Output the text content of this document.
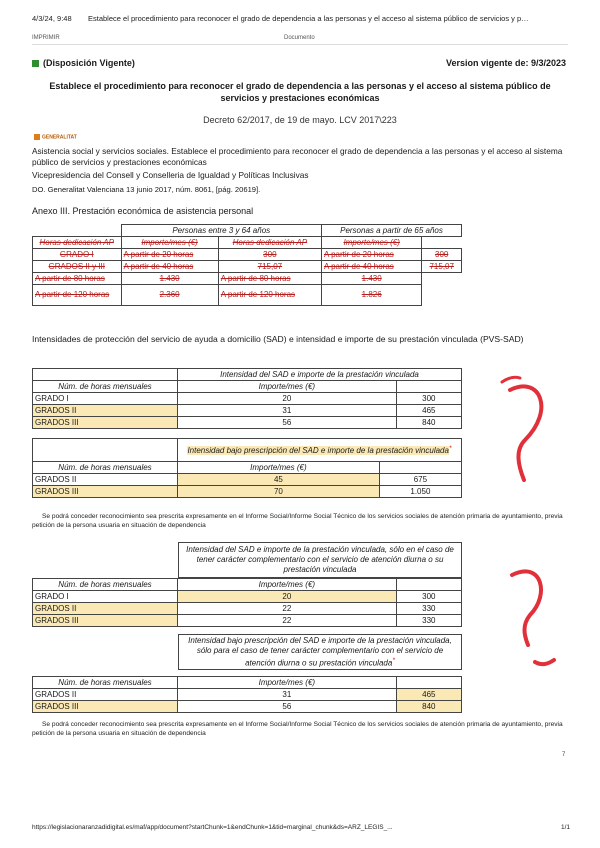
4/3/24, 9:48 Establece el procedimiento para reconocer el grado de dependencia a las personas y el acceso al sistema público de servicios y p…
IMPRIMIR	Documento
(Disposición Vigente)	Version vigente de: 9/3/2023
Establece el procedimiento para reconocer el grado de dependencia a las personas y el acceso al sistema público de servicios y prestaciones económicas
Decreto 62/2017, de 19 de mayo. LCV 2017\223
GENERALITAT
Asistencia social y servicios sociales. Establece el procedimiento para reconocer el grado de dependencia a las personas y el acceso al sistema público de servicios y prestaciones económicas
Vicepresidencia del Consell y Conselleria de Igualdad y Políticas Inclusivas
DO. Generalitat Valenciana 13 junio 2017, núm. 8061, [pág. 20619].
Anexo III. Prestación económica de asistencia personal
	Personas entre 3 y 64 años		Personas a partir de 65 años	
Horas dedicación AP	Importe/mes (€)	Horas dedicación AP	Importe/mes (€)	
GRADO I	A partir de 20 horas	300	A partir de 20 horas	300
GRADOS II y III	A partir de 40 horas	715,07	A partir de 40 horas	715,07
A partir de 80 horas	1.430	A partir de 80 horas	1.430	
A partir de 120 horas	2.360	A partir de 120 horas	1.826	
Intensidades de protección del servicio de ayuda a domicilio (SAD) e intensidad e importe de su prestación vinculada (PVS-SAD)
	Intensidad del SAD e importe de la prestación vinculada	
Núm. de horas mensuales	Importe/mes (€)	
GRADO I	20	300
GRADOS II	31	465
GRADOS III	56	840
	Intensidad bajo prescripción del SAD e importe de la prestación vinculada*
Núm. de horas mensuales	Importe/mes (€)	
GRADOS II	45	675
GRADOS III	70	1.050
Se podrá conceder reconocimiento sea prescrita expresamente en el Informe Social/Informe Social Técnico de los servicios sociales de atención primaria de ayuntamiento, previa petición de la persona usuaria en situación de dependencia
Intensidad del SAD e importe de la prestación vinculada, sólo en el caso de tener carácter complementario con el servicio de atención diurna o su prestación vinculada
Núm. de horas mensuales	Importe/mes (€)	
GRADO I	20	300
GRADOS II	22	330
GRADOS III	22	330
Intensidad bajo prescripción del SAD e importe de la prestación vinculada, sólo para el caso de tener carácter complementario con el servicio de atención diurna o su prestación vinculada*
Núm. de horas mensuales	Importe/mes (€)	
GRADOS II	31	465
GRADOS III	56	840
Se podrá conceder reconocimiento sea prescrita expresamente en el Informe Social/Informe Social Técnico de los servicios sociales de atención primaria de ayuntamiento, previa petición de la persona usuaria en situación de dependencia
7
https://legislacionaranzadidigital.es/maf/app/document?startChunk=1&endChunk=1&tid=marginal_chunk&ds=ARZ_LEGIS_...	1/1
